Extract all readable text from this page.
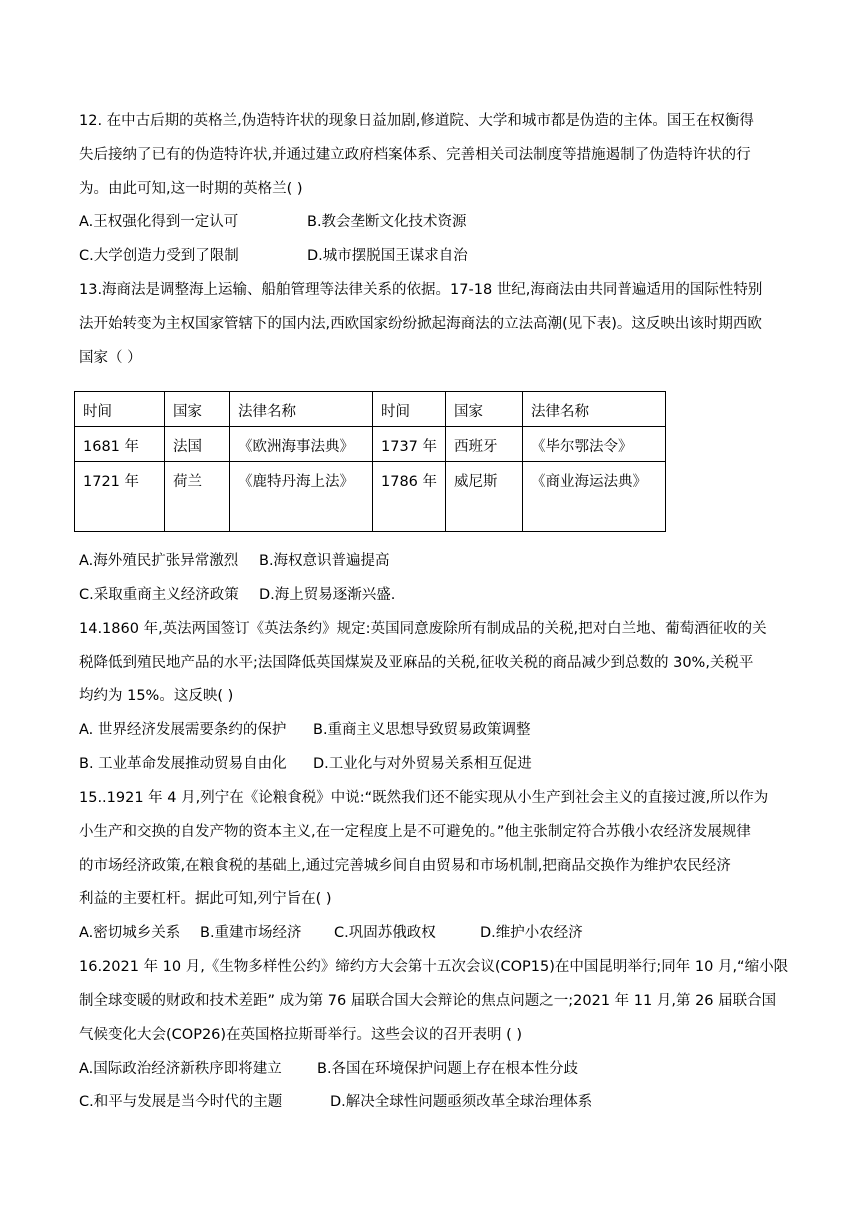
12. 在中古后期的英格兰,伪造特许状的现象日益加剧,修道院、大学和城市都是伪造的主体。国王在权衡得
失后接纳了已有的伪造特许状,并通过建立政府档案体系、完善相关司法制度等措施遏制了伪造特许状的行
为。由此可知,这一时期的英格兰( )
A.王权强化得到一定认可	B.教会垄断文化技术资源
C.大学创造力受到了限制	D.城市摆脱国王谋求自治
13.海商法是调整海上运输、船舶管理等法律关系的依据。17-18 世纪,海商法由共同普遍适用的国际性特别
法开始转变为主权国家管辖下的国内法,西欧国家纷纷掀起海商法的立法高潮(见下表)。这反映出该时期西欧
国家（ ）
时间	国家	法律名称	时间	国家	法律名称
1681 年	法国	《欧洲海事法典》	1737 年	西班牙	《毕尔鄂法令》
1721 年	荷兰	《鹿特丹海上法》	1786 年	威尼斯	《商业海运法典》
A.海外殖民扩张异常激烈 B.海权意识普遍提高
C.采取重商主义经济政策 D.海上贸易逐渐兴盛.
14.1860 年,英法两国签订《英法条约》规定:英国同意废除所有制成品的关税,把对白兰地、葡萄酒征收的关
税降低到殖民地产品的水平;法国降低英国煤炭及亚麻品的关税,征收关税的商品减少到总数的 30%,关税平
均约为 15%。这反映( )
A. 世界经济发展需要条约的保护 B.重商主义思想导致贸易政策调整
B. 工业革命发展推动贸易自由化 D.工业化与对外贸易关系相互促进
15..1921 年 4 月,列宁在《论粮食税》中说:“既然我们还不能实现从小生产到社会主义的直接过渡,所以作为
小生产和交换的自发产物的资本主义,在一定程度上是不可避免的。”他主张制定符合苏俄小农经济发展规律
的市场经济政策,在粮食税的基础上,通过完善城乡间自由贸易和市场机制,把商品交换作为维护农民经济
利益的主要杠杆。据此可知,列宁旨在( )
A.密切城乡关系 B.重建市场经济 C.巩固苏俄政权	D.维护小农经济
16.2021 年 10 月,《生物多样性公约》缔约方大会第十五次会议(COP15)在中国昆明举行;同年 10 月,“缩小限
制全球变暖的财政和技术差距” 成为第 76 届联合国大会辩论的焦点问题之一;2021 年 11 月,第 26 届联合国
气候变化大会(COP26)在英国格拉斯哥举行。这些会议的召开表明 ( )
A.国际政治经济新秩序即将建立 B.各国在环境保护问题上存在根本性分歧
C.和平与发展是当今时代的主题	D.解决全球性问题亟须改革全球治理体系
